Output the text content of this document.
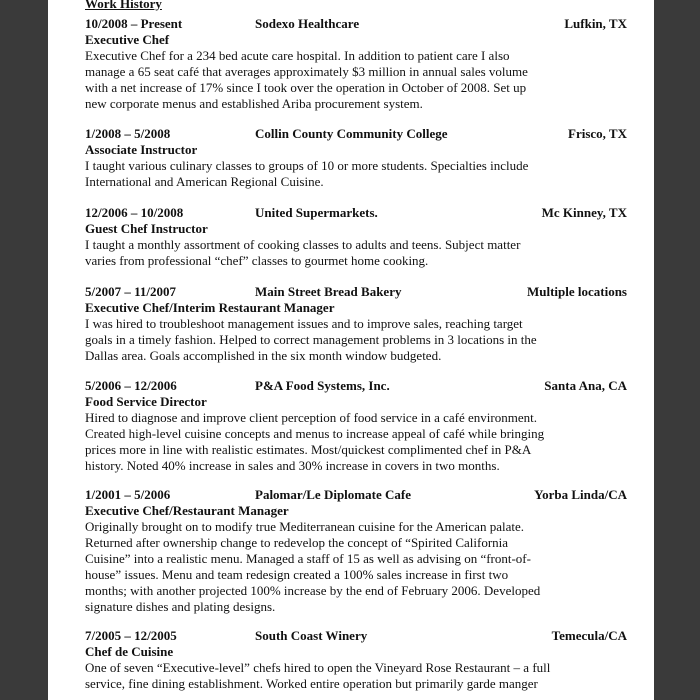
Work History
10/2008 – Present	Sodexo Healthcare	Lufkin, TX
Executive Chef
Executive Chef for a 234 bed acute care hospital. In addition to patient care I also
manage a 65 seat café that averages approximately $3 million in annual sales volume
with a net increase of 17% since I took over the operation in October of 2008. Set up
new corporate menus and established Ariba procurement system.
1/2008 – 5/2008	Collin County Community College	Frisco, TX
Associate Instructor
I taught various culinary classes to groups of 10 or more students. Specialties include
International and American Regional Cuisine.
12/2006 – 10/2008	United Supermarkets.	Mc Kinney, TX
Guest Chef Instructor
I taught a monthly assortment of cooking classes to adults and teens. Subject matter
varies from professional “chef” classes to gourmet home cooking.
5/2007 – 11/2007	Main Street Bread Bakery	Multiple locations
Executive Chef/Interim Restaurant Manager
I was hired to troubleshoot management issues and to improve sales, reaching target
goals in a timely fashion. Helped to correct management problems in 3 locations in the
Dallas area. Goals accomplished in the six month window budgeted.
5/2006 – 12/2006	P&A Food Systems, Inc.	Santa Ana, CA
Food Service Director
Hired to diagnose and improve client perception of food service in a café environment.
Created high-level cuisine concepts and menus to increase appeal of café while bringing
prices more in line with realistic estimates. Most/quickest complimented chef in P&A
history. Noted 40% increase in sales and 30% increase in covers in two months.
1/2001 – 5/2006	Palomar/Le Diplomate Cafe	Yorba Linda/CA
Executive Chef/Restaurant Manager
Originally brought on to modify true Mediterranean cuisine for the American palate.
Returned after ownership change to redevelop the concept of “Spirited California
Cuisine” into a realistic menu. Managed a staff of 15 as well as advising on “front-of-
house” issues. Menu and team redesign created a 100% sales increase in first two
months; with another projected 100% increase by the end of February 2006. Developed
signature dishes and plating designs.
7/2005 – 12/2005	South Coast Winery	Temecula/CA
Chef de Cuisine
One of seven “Executive-level” chefs hired to open the Vineyard Rose Restaurant – a full
service, fine dining establishment. Worked entire operation but primarily garde manger
